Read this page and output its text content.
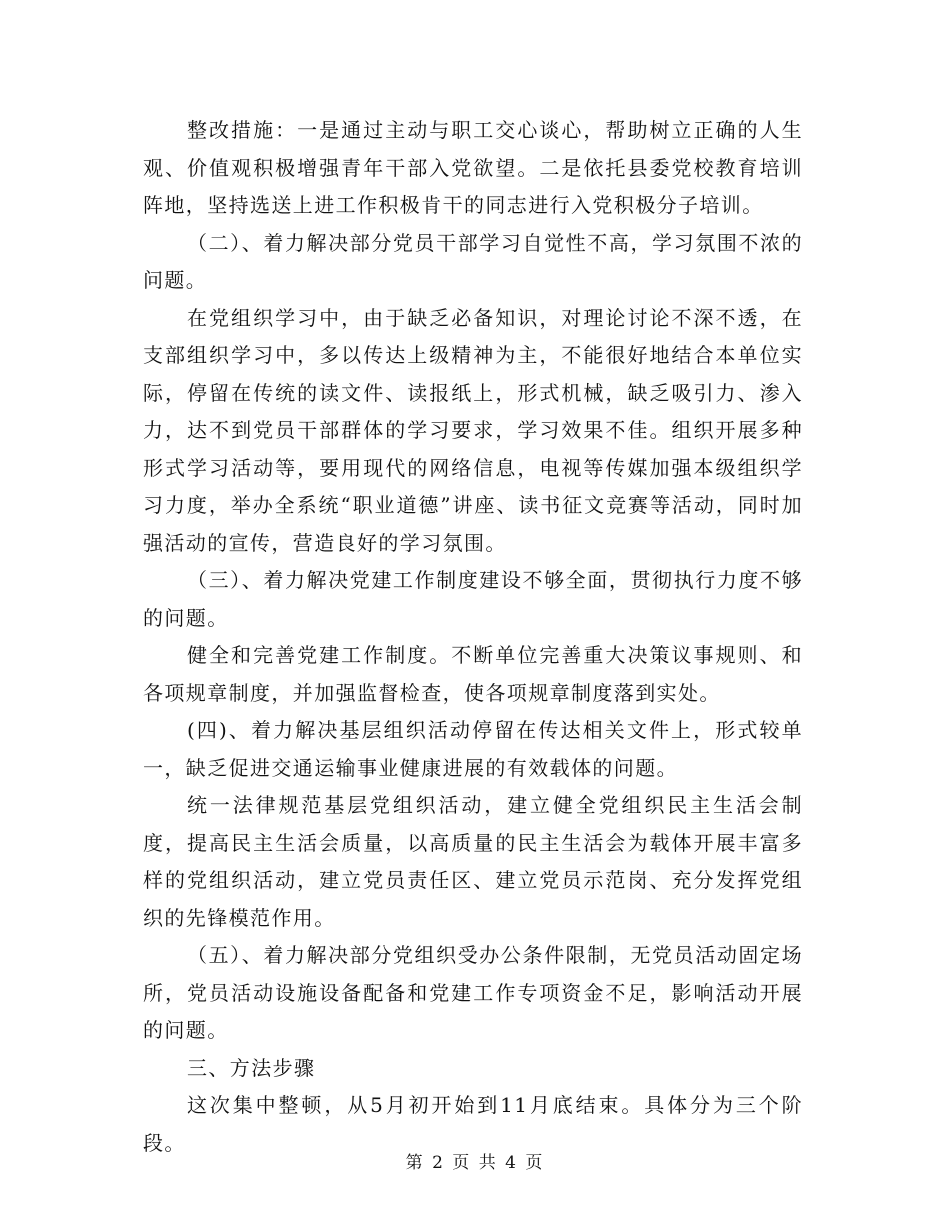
整改措施：一是通过主动与职工交心谈心，帮助树立正确的人生观、价值观积极增强青年干部入党欲望。二是依托县委党校教育培训阵地，坚持选送上进工作积极肯干的同志进行入党积极分子培训。

（二）、着力解决部分党员干部学习自觉性不高，学习氛围不浓的问题。

在党组织学习中，由于缺乏必备知识，对理论讨论不深不透，在支部组织学习中，多以传达上级精神为主，不能很好地结合本单位实际，停留在传统的读文件、读报纸上，形式机械，缺乏吸引力、渗入力，达不到党员干部群体的学习要求，学习效果不佳。组织开展多种形式学习活动等，要用现代的网络信息，电视等传媒加强本级组织学习力度，举办全系统“职业道德”讲座、读书征文竞赛等活动，同时加强活动的宣传，营造良好的学习氛围。

（三）、着力解决党建工作制度建设不够全面，贯彻执行力度不够的问题。

健全和完善党建工作制度。不断单位完善重大决策议事规则、和各项规章制度，并加强监督检查，使各项规章制度落到实处。

(四)、着力解决基层组织活动停留在传达相关文件上，形式较单一，缺乏促进交通运输事业健康进展的有效载体的问题。

统一法律规范基层党组织活动，建立健全党组织民主生活会制度，提高民主生活会质量，以高质量的民主生活会为载体开展丰富多样的党组织活动，建立党员责任区、建立党员示范岗、充分发挥党组织的先锋模范作用。

（五）、着力解决部分党组织受办公条件限制，无党员活动固定场所，党员活动设施设备配备和党建工作专项资金不足，影响活动开展的问题。

三、方法步骤

这次集中整顿，从5月初开始到11月底结束。具体分为三个阶段。

第 2 页 共 4 页
